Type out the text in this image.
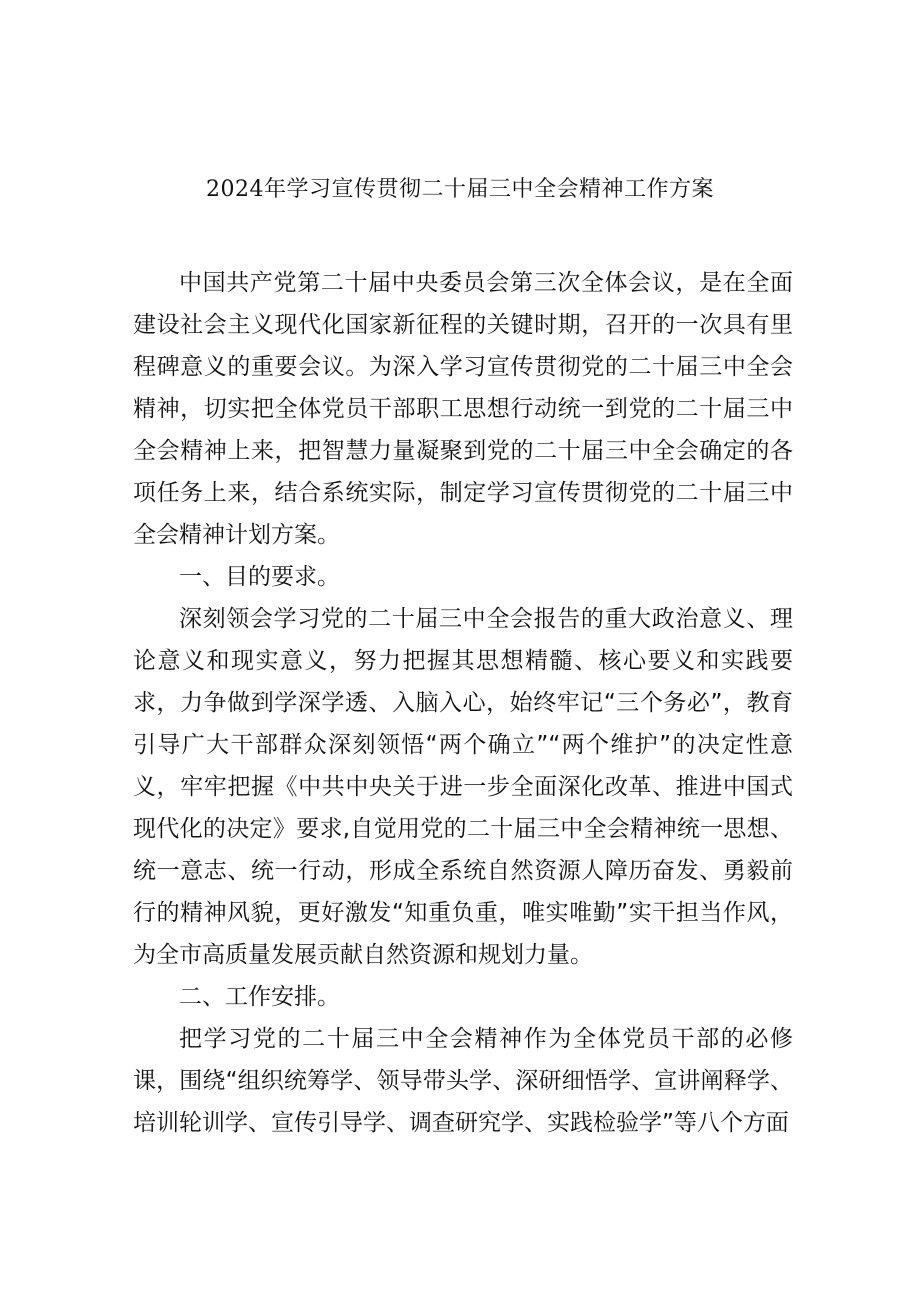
2024年学习宣传贯彻二十届三中全会精神工作方案

中国共产党第二十届中央委员会第三次全体会议，是在全面建设社会主义现代化国家新征程的关键时期，召开的一次具有里程碑意义的重要会议。为深入学习宣传贯彻党的二十届三中全会精神，切实把全体党员干部职工思想行动统一到党的二十届三中全会精神上来，把智慧力量凝聚到党的二十届三中全会确定的各项任务上来，结合系统实际，制定学习宣传贯彻党的二十届三中全会精神计划方案。

一、目的要求。

深刻领会学习党的二十届三中全会报告的重大政治意义、理论意义和现实意义，努力把握其思想精髓、核心要义和实践要求，力争做到学深学透、入脑入心，始终牢记“三个务必”，教育引导广大干部群众深刻领悟“两个确立”“两个维护”的决定性意义，牢牢把握《中共中央关于进一步全面深化改革、推进中国式现代化的决定》要求,自觉用党的二十届三中全会精神统一思想、统一意志、统一行动，形成全系统自然资源人障历奋发、勇毅前行的精神风貌，更好激发“知重负重，唯实唯勤”实干担当作风，为全市高质量发展贡献自然资源和规划力量。

二、工作安排。

把学习党的二十届三中全会精神作为全体党员干部的必修课，围绕“组织统筹学、领导带头学、深研细悟学、宣讲阐释学、培训轮训学、宣传引导学、调查研究学、实践检验学”等八个方面
